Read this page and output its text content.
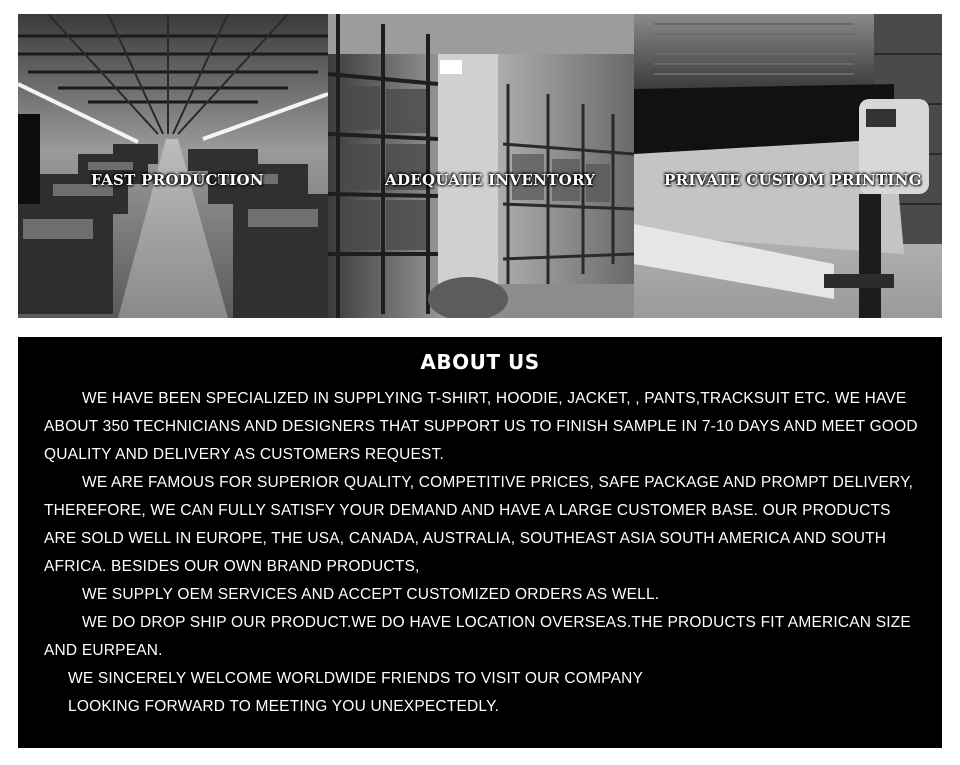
FAST PRODUCTION	ADEQUATE INVENTORY	PRIVATE CUSTOM PRINTING
ABOUT US

WE HAVE BEEN SPECIALIZED IN SUPPLYING T-SHIRT, HOODIE, JACKET, , PANTS,TRACKSUIT ETC. WE HAVE ABOUT 350 TECHNICIANS AND DESIGNERS THAT SUPPORT US TO FINISH SAMPLE IN 7-10 DAYS AND MEET GOOD QUALITY AND DELIVERY AS CUSTOMERS REQUEST.

WE ARE FAMOUS FOR SUPERIOR QUALITY, COMPETITIVE PRICES, SAFE PACKAGE AND PROMPT DELIVERY, THEREFORE, WE CAN FULLY SATISFY YOUR DEMAND AND HAVE A LARGE CUSTOMER BASE. OUR PRODUCTS ARE SOLD WELL IN EUROPE, THE USA, CANADA, AUSTRALIA, SOUTHEAST ASIA SOUTH AMERICA AND SOUTH AFRICA. BESIDES OUR OWN BRAND PRODUCTS,

WE SUPPLY OEM SERVICES AND ACCEPT CUSTOMIZED ORDERS AS WELL.

WE DO DROP SHIP OUR PRODUCT.WE DO HAVE LOCATION OVERSEAS.THE PRODUCTS FIT AMERICAN SIZE AND EURPEAN.

WE SINCERELY WELCOME WORLDWIDE FRIENDS TO VISIT OUR COMPANY

LOOKING FORWARD TO MEETING YOU UNEXPECTEDLY.
